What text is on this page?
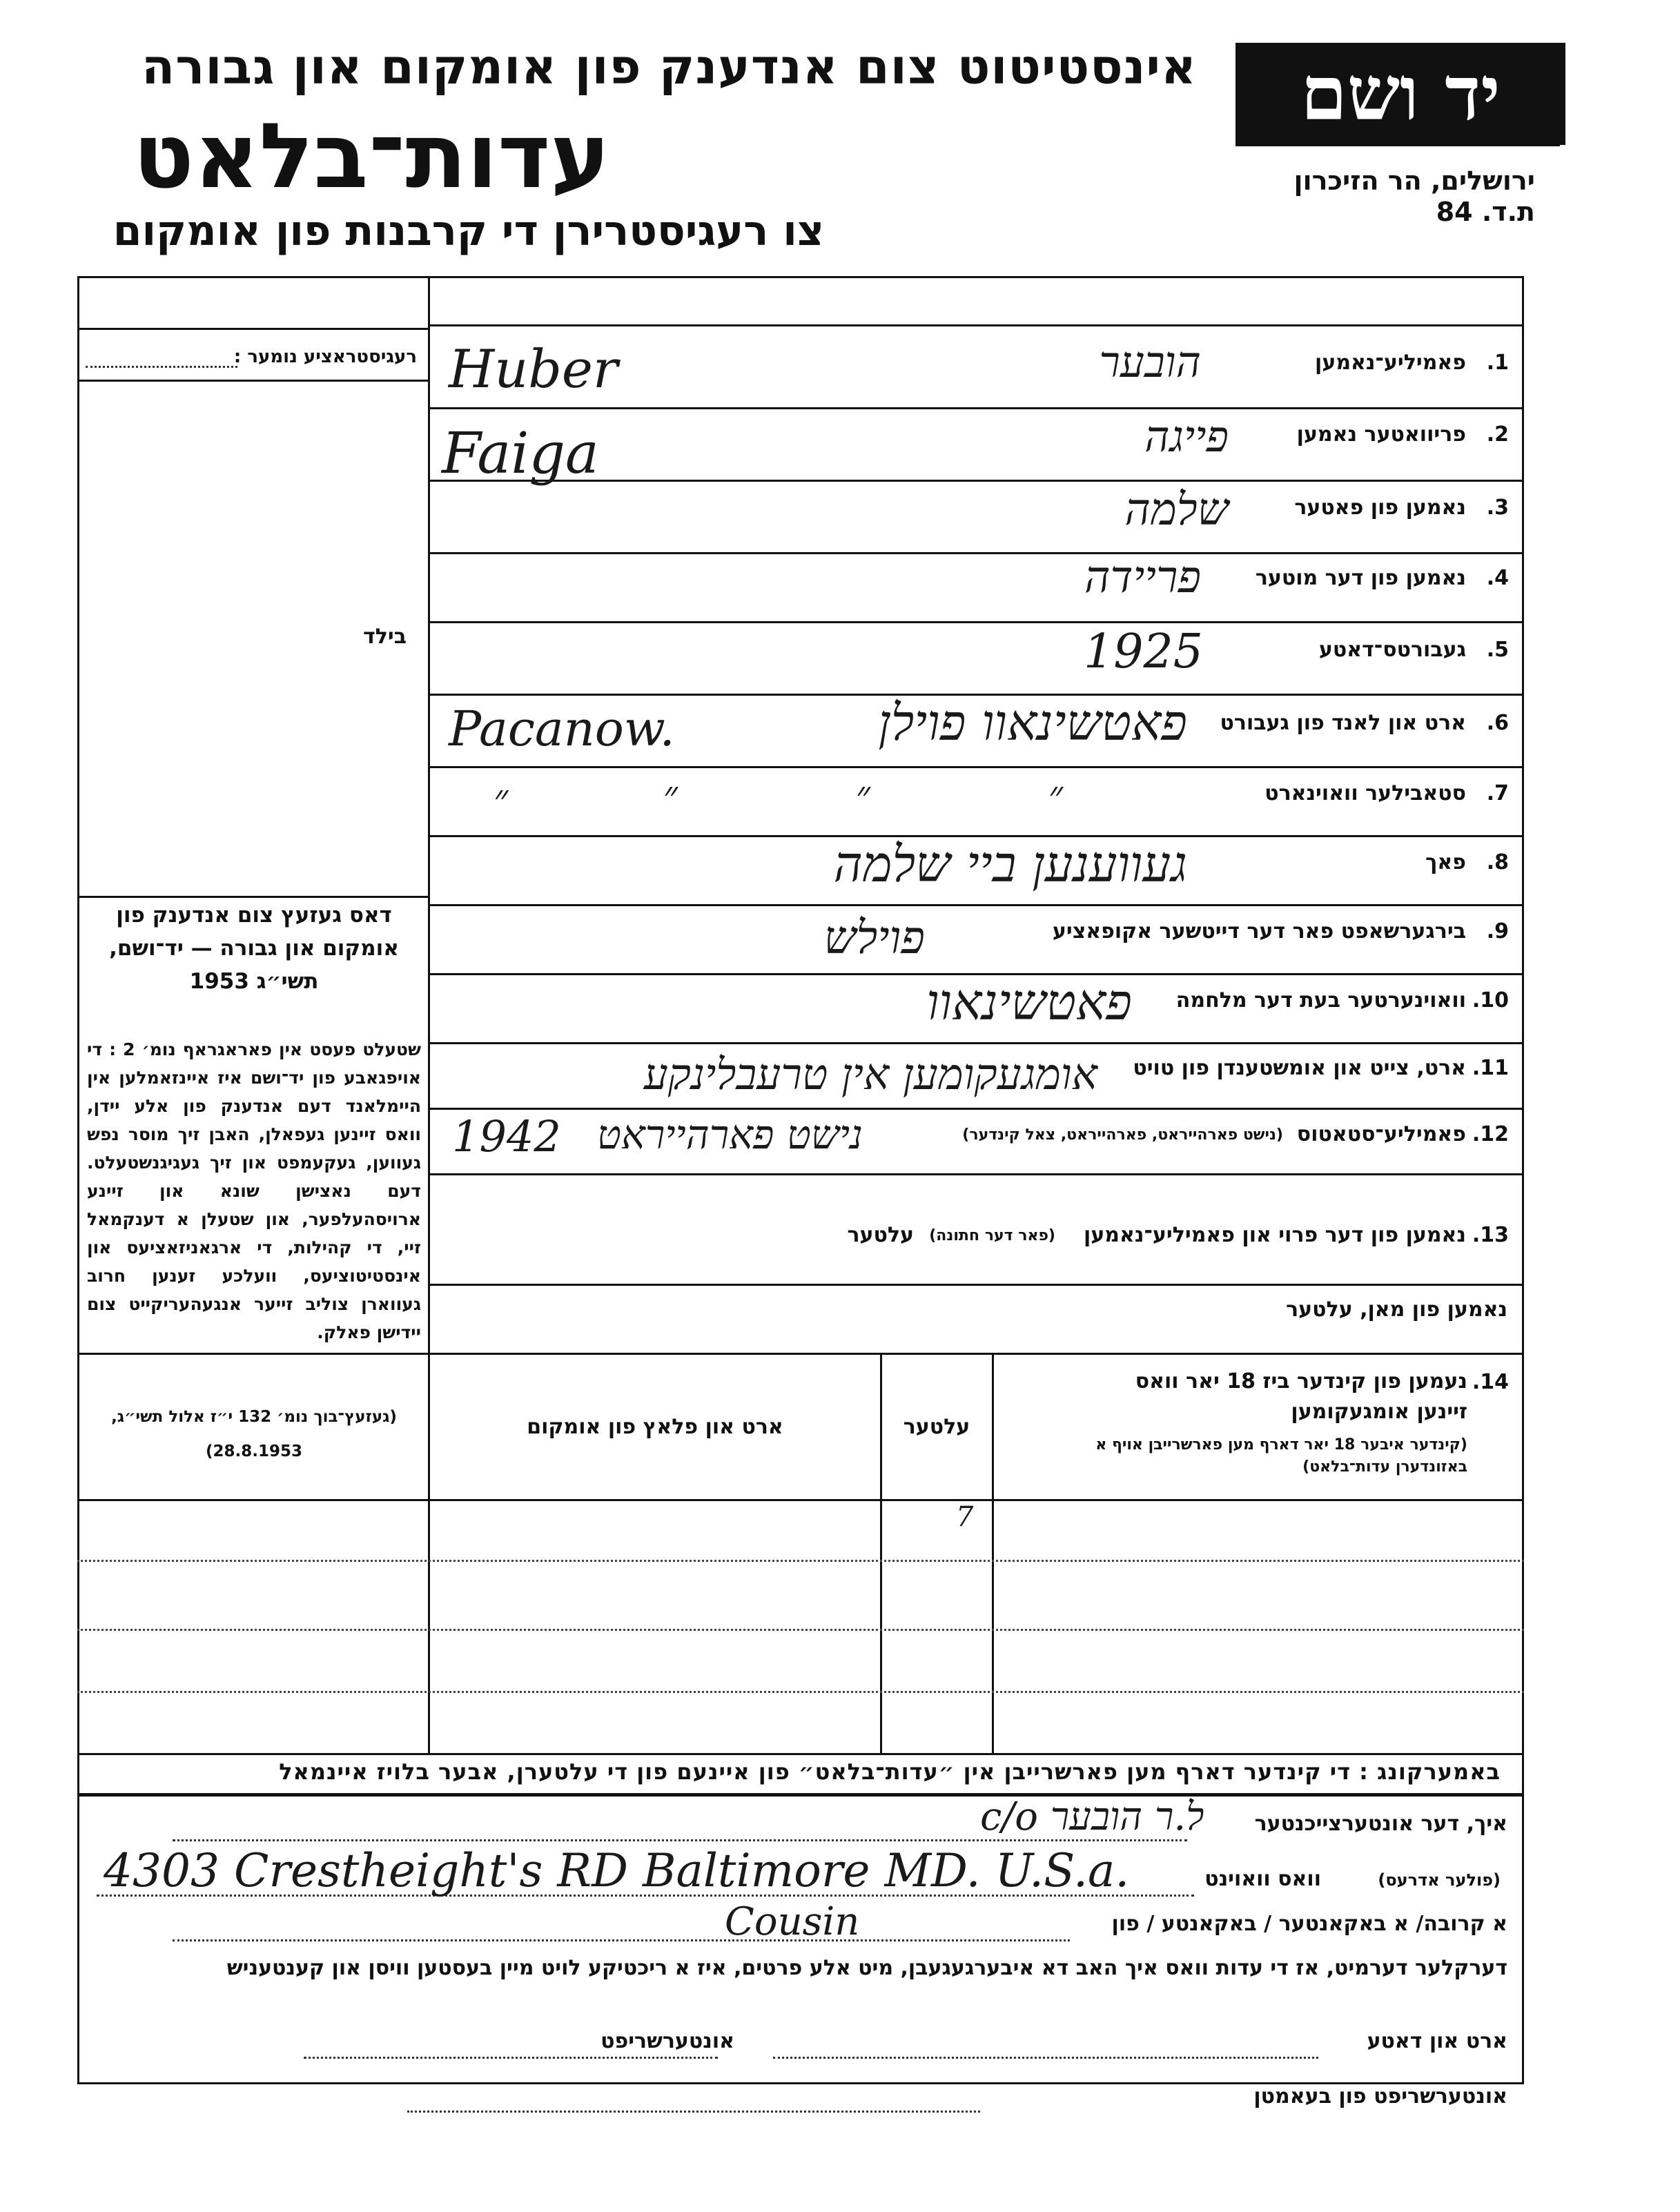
יד ושם
אינסטיטוט צום אנדענק פון אומקום און גבורה
עדות־בלאט
צו רעגיסטרירן די קרבנות פון אומקום
ירושלים, הר הזיכרון
ת.ד. 84
רעגיסטראציע נומער :
בילד
דאס געזעץ צום אנדענק פון אומקום און גבורה — יד־ושם, תשי״ג 1953
שטעלט פעסט אין פאראגראף נומ׳ 2 : די אויפגאבע פון יד־ושם איז איינזאמלען אין היימלאנד דעם אנדענק פון אלע יידן, וואס זיינען געפאלן, האבן זיך מוסר נפש געווען, געקעמפט און זיך געגיגנשטעלט. דעם נאצישן שונא און זיינע ארויסהעלפער, און שטעלן א דענקמאל זיי, די קהילות, די ארגאניזאציעס און אינסטיטוציעס, וועלכע זענען חרוב געווארן צוליב זייער אנגעהעריקייט צום יידישן פאלק.
(געזעץ־בוך נומ׳ 132 י״ז אלול תשי״ג,
(28.8.1953
1.
פאמיליע־נאמען
הובער
Huber
2.
פריוואטער נאמען
פייגה
Faiga
3.
נאמען פון פאטער
שלמה
4.
נאמען פון דער מוטער
פריידה
5.
געבורטס־דאטע
1925
6.
ארט און לאנד פון געבורט
פאטשינאוו פוילן
Pacanow.
7.
סטאבילער וואוינארט
״ ״ ״
״
8.
פאך
געווענען ביי שלמה
9.
בירגערשאפט פאר דער דייטשער אקופאציע
פוילש
10.
וואוינערטער בעת דער מלחמה
פאטשינאוו
11.
ארט, צייט און אומשטענדן פון טויט
אומגעקומען אין טרעבלינקע
12.
פאמיליע־סטאטוס
(נישט פארהייראט, פארהייראט, צאל קינדער)
1942 נישט פארהייראט
13.
נאמען פון דער פרוי און פאמיליע־נאמען
(פאר דער חתונה)
עלטער
נאמען פון מאן, עלטער
14.
נעמען פון קינדער ביז 18 יאר וואס זיינען אומגעקומען
(קינדער איבער 18 יאר דארף מען פארשרייבן אויף א באזונדערן עדות־בלאט)
עלטער
ארט און פלאץ פון אומקום
7
באמערקונג : די קינדער דארף מען פארשרייבן אין ״עדות־בלאט״ פון איינעם פון די עלטערן, אבער בלויז איינמאל
איך, דער אונטערצייכנטער
c/o ל.ר הובער
וואס וואוינט	(פולער אדרעס)
4303 Crestheight's RD Baltimore MD. U.S.a.
א קרובה/ א באקאנטער / באקאנטע / פון
Cousin
דערקלער דערמיט, אז די עדות וואס איך האב דא איבערגעגעבן, מיט אלע פרטים, איז א ריכטיקע לויט מיין בעסטען וויסן און קענטעניש
ארט און דאטע
אונטערשריפט
אונטערשריפט פון בעאמטן
